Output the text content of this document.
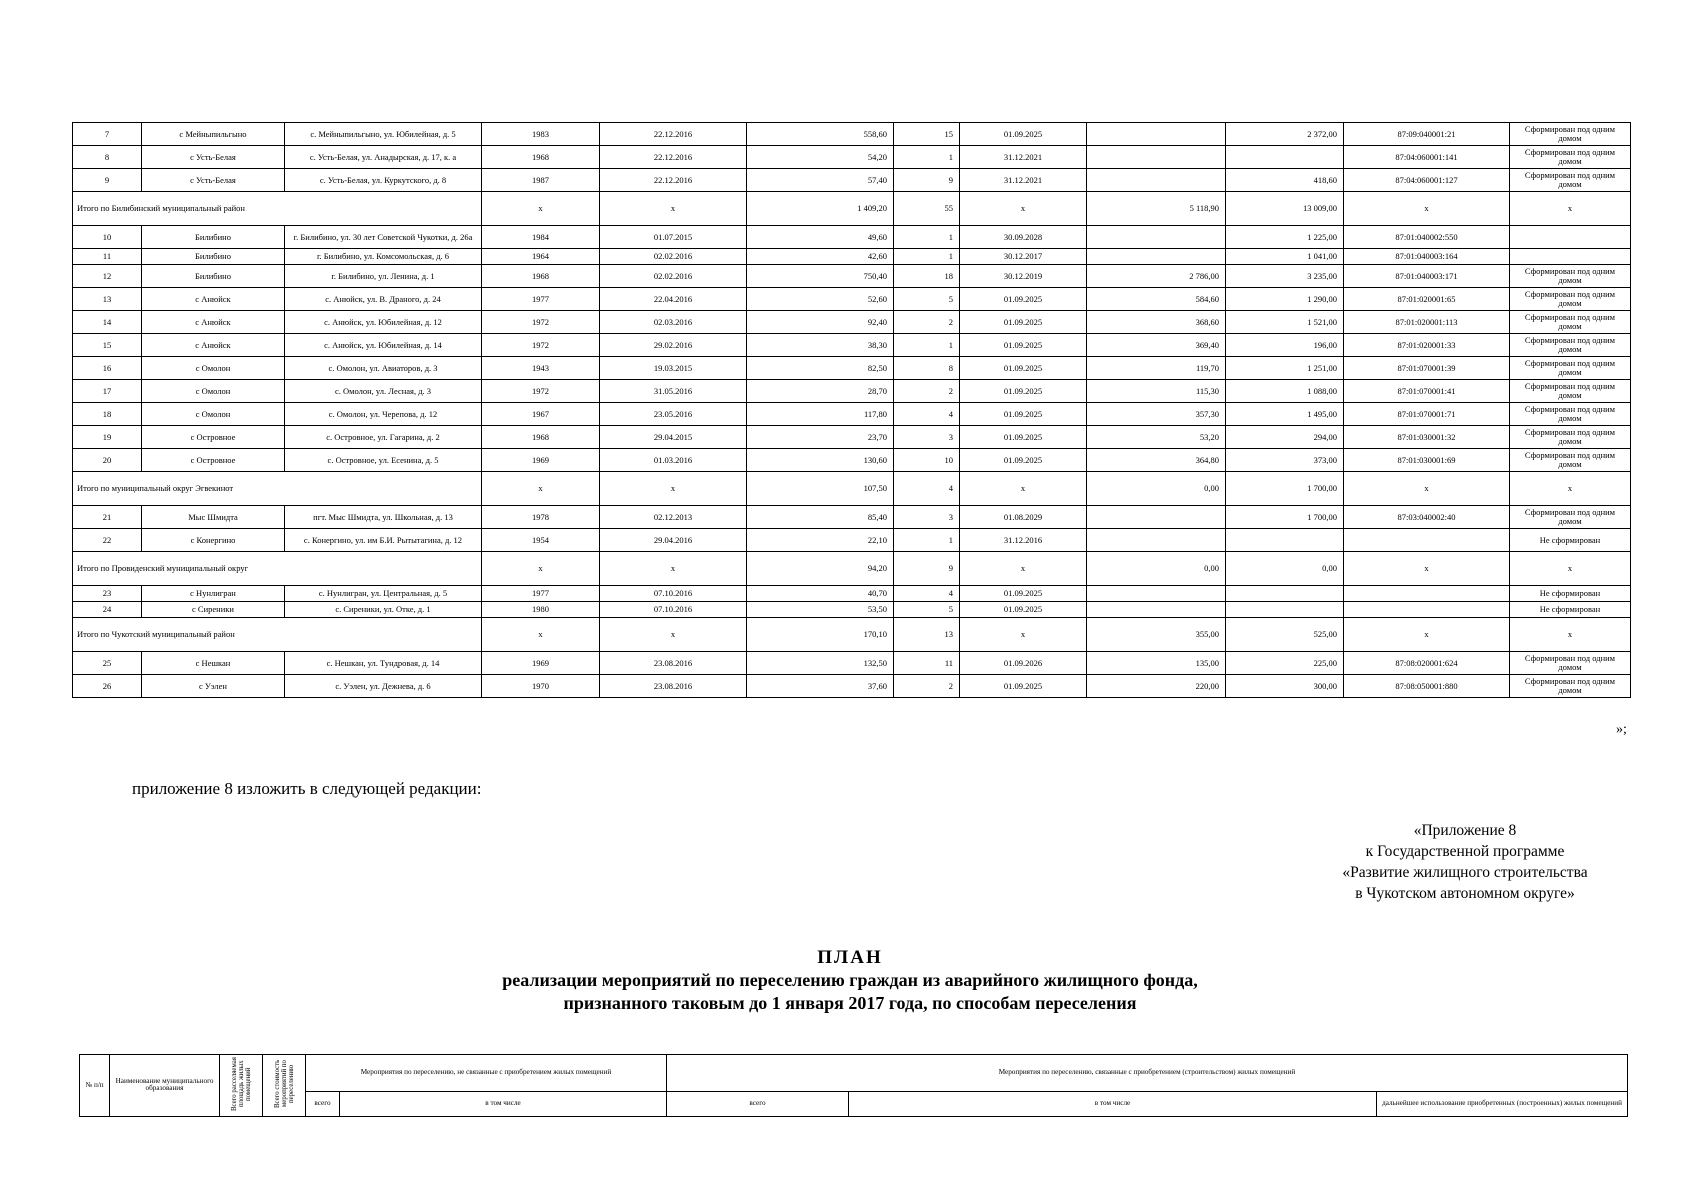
7	с Мейныпильгыно	с. Мейныпильгыно, ул. Юбилейная, д. 5	1983	22.12.2016	558,60	15	01.09.2025		2 372,00	87:09:040001:21	Сформирован под одним домом
8	с Усть-Белая	с. Усть-Белая, ул. Анадырская, д. 17, к. а	1968	22.12.2016	54,20	1	31.12.2021			87:04:060001:141	Сформирован под одним домом
9	с Усть-Белая	с. Усть-Белая, ул. Куркутского, д. 8	1987	22.12.2016	57,40	9	31.12.2021		418,60	87:04:060001:127	Сформирован под одним домом
Итого по Билибинский муниципальный район			х	х	1 409,20	55	х	5 118,90	13 009,00	х	х
10	Билибино	г. Билибино, ул. 30 лет Советской Чукотки, д. 26а	1984	01.07.2015	49,60	1	30.09.2028		1 225,00	87:01:040002:550	
11	Билибино	г. Билибино, ул. Комсомольская, д. 6	1964	02.02.2016	42,60	1	30.12.2017		1 041,00	87:01:040003:164	
12	Билибино	г. Билибино, ул. Ленина, д. 1	1968	02.02.2016	750,40	18	30.12.2019	2 786,00	3 235,00	87:01:040003:171	Сформирован под одним домом
13	с Анюйск	с. Анюйск, ул. В. Драного, д. 24	1977	22.04.2016	52,60	5	01.09.2025	584,60	1 290,00	87:01:020001:65	Сформирован под одним домом
14	с Анюйск	с. Анюйск, ул. Юбилейная, д. 12	1972	02.03.2016	92,40	2	01.09.2025	368,60	1 521,00	87:01:020001:113	Сформирован под одним домом
15	с Анюйск	с. Анюйск, ул. Юбилейная, д. 14	1972	29.02.2016	38,30	1	01.09.2025	369,40	196,00	87:01:020001:33	Сформирован под одним домом
16	с Омолон	с. Омолон, ул. Авиаторов, д. 3	1943	19.03.2015	82,50	8	01.09.2025	119,70	1 251,00	87:01:070001:39	Сформирован под одним домом
17	с Омолон	с. Омолон, ул. Лесная, д. 3	1972	31.05.2016	28,70	2	01.09.2025	115,30	1 088,00	87:01:070001:41	Сформирован под одним домом
18	с Омолон	с. Омолон, ул. Черепова, д. 12	1967	23.05.2016	117,80	4	01.09.2025	357,30	1 495,00	87:01:070001:71	Сформирован под одним домом
19	с Островное	с. Островное, ул. Гагарина, д. 2	1968	29.04.2015	23,70	3	01.09.2025	53,20	294,00	87:01:030001:32	Сформирован под одним домом
20	с Островное	с. Островное, ул. Есенина, д. 5	1969	01.03.2016	130,60	10	01.09.2025	364,80	373,00	87:01:030001:69	Сформирован под одним домом
Итого по муниципальный округ Эгвекинот			х	х	107,50	4	х	0,00	1 700,00	х	х
21	Мыс Шмидта	пгт. Мыс Шмидта, ул. Школьная, д. 13	1978	02.12.2013	85,40	3	01.08.2029		1 700,00	87:03:040002:40	Сформирован под одним домом
22	с Конергино	с. Конергино, ул. им Б.И. Рытытагина, д. 12	1954	29.04.2016	22,10	1	31.12.2016				Не сформирован
Итого по Провиденский муниципальный округ			х	х	94,20	9	х	0,00	0,00	х	х
23	с Нунлигран	с. Нунлигран, ул. Центральная, д. 5	1977	07.10.2016	40,70	4	01.09.2025				Не сформирован
24	с Сиреники	с. Сиреники, ул. Отке, д. 1	1980	07.10.2016	53,50	5	01.09.2025				Не сформирован
Итого по Чукотский муниципальный район			х	х	170,10	13	х	355,00	525,00	х	х
25	с Нешкан	с. Нешкан, ул. Тундровая, д. 14	1969	23.08.2016	132,50	11	01.09.2026	135,00	225,00	87:08:020001:624	Сформирован под одним домом
26	с Уэлен	с. Уэлен, ул. Дежнева, д. 6	1970	23.08.2016	37,60	2	01.09.2025	220,00	300,00	87:08:050001:880	Сформирован под одним домом
»;
приложение 8 изложить в следующей редакции:
«Приложение 8
к Государственной программе
«Развитие жилищного строительства
в Чукотском автономном округе»
ПЛАН
реализации мероприятий по переселению граждан из аварийного жилищного фонда,
признанного таковым до 1 января 2017 года, по способам переселения
№ п/п	Наименование муниципального образования	Всего расселяемая площадь жилых помещений	Всего стоимость мероприятий по переселению	Мероприятия по переселению, не связанные с приобретением жилых помещений		Мероприятия по переселению, связанные с приобретением (строительством) жилых помещений		
				всего	в том числе	всего	в том числе	дальнейшее использование приобретенных (построенных) жилых помещений
